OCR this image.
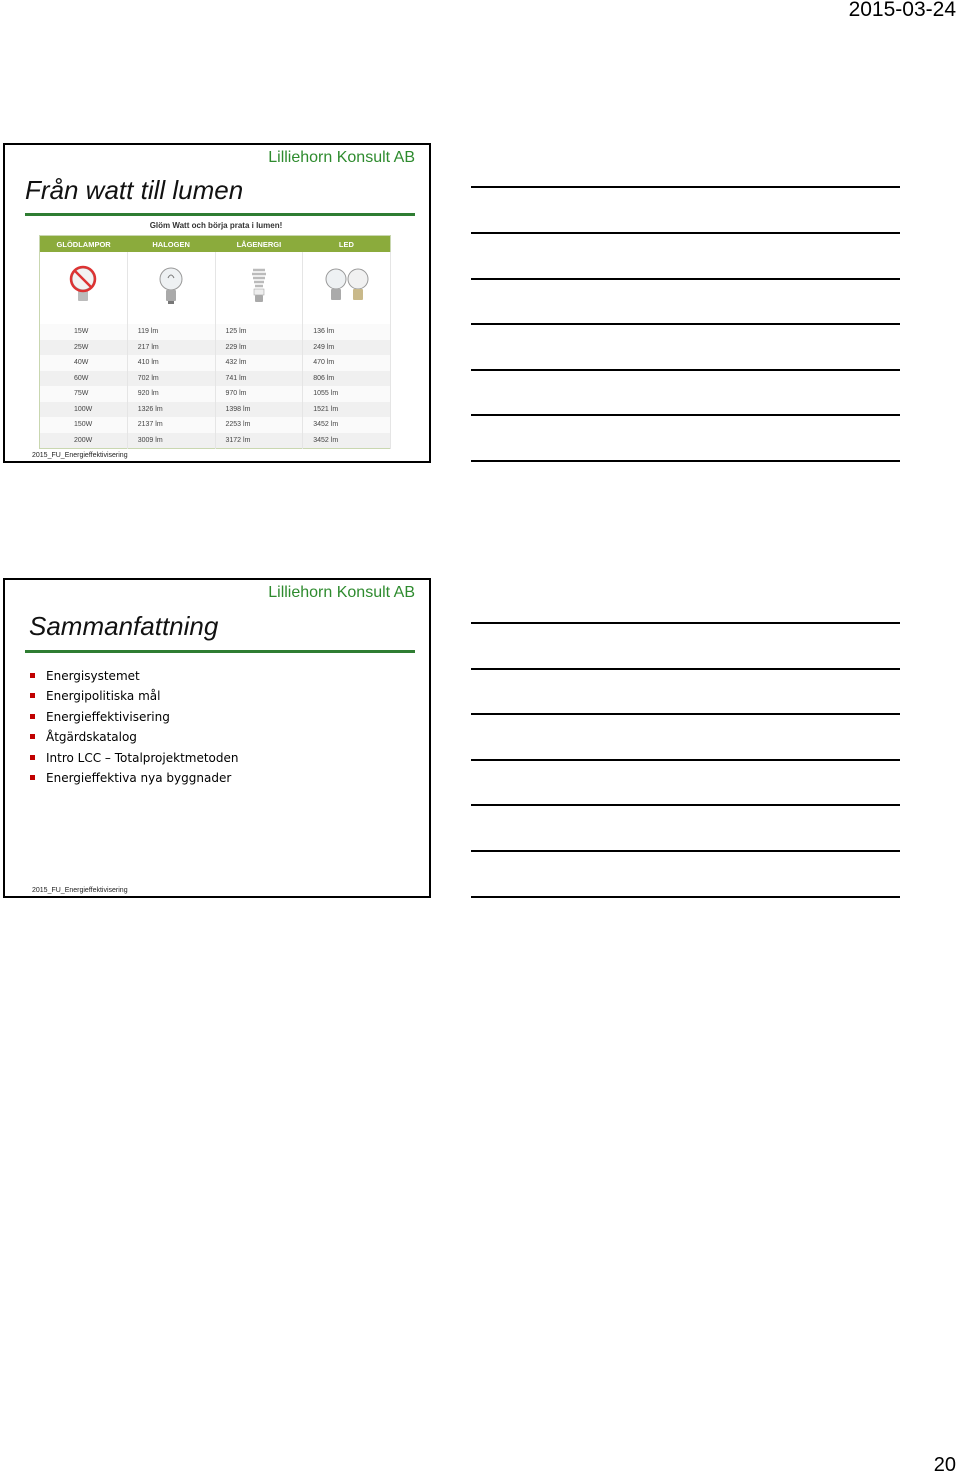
2015-03-24
Lilliehorn Konsult AB
Från watt till lumen
Glöm Watt och börja prata i lumen!
GLÖDLAMPOR	HALOGEN	LÅGENERGI	LED

15W	119 lm	125 lm	136 lm
25W	217 lm	229 lm	249 lm
40W	410 lm	432 lm	470 lm
60W	702 lm	741 lm	806 lm
75W	920 lm	970 lm	1055 lm
100W	1326 lm	1398 lm	1521 lm
150W	2137 lm	2253 lm	3452 lm
200W	3009 lm	3172 lm	3452 lm
2015_FU_Energieffektivisering
Lilliehorn Konsult AB
Sammanfattning
Energisystemet
Energipolitiska mål
Energieffektivisering
Åtgärdskatalog
Intro LCC – Totalprojektmetoden
Energieffektiva nya byggnader
2015_FU_Energieffektivisering
20
